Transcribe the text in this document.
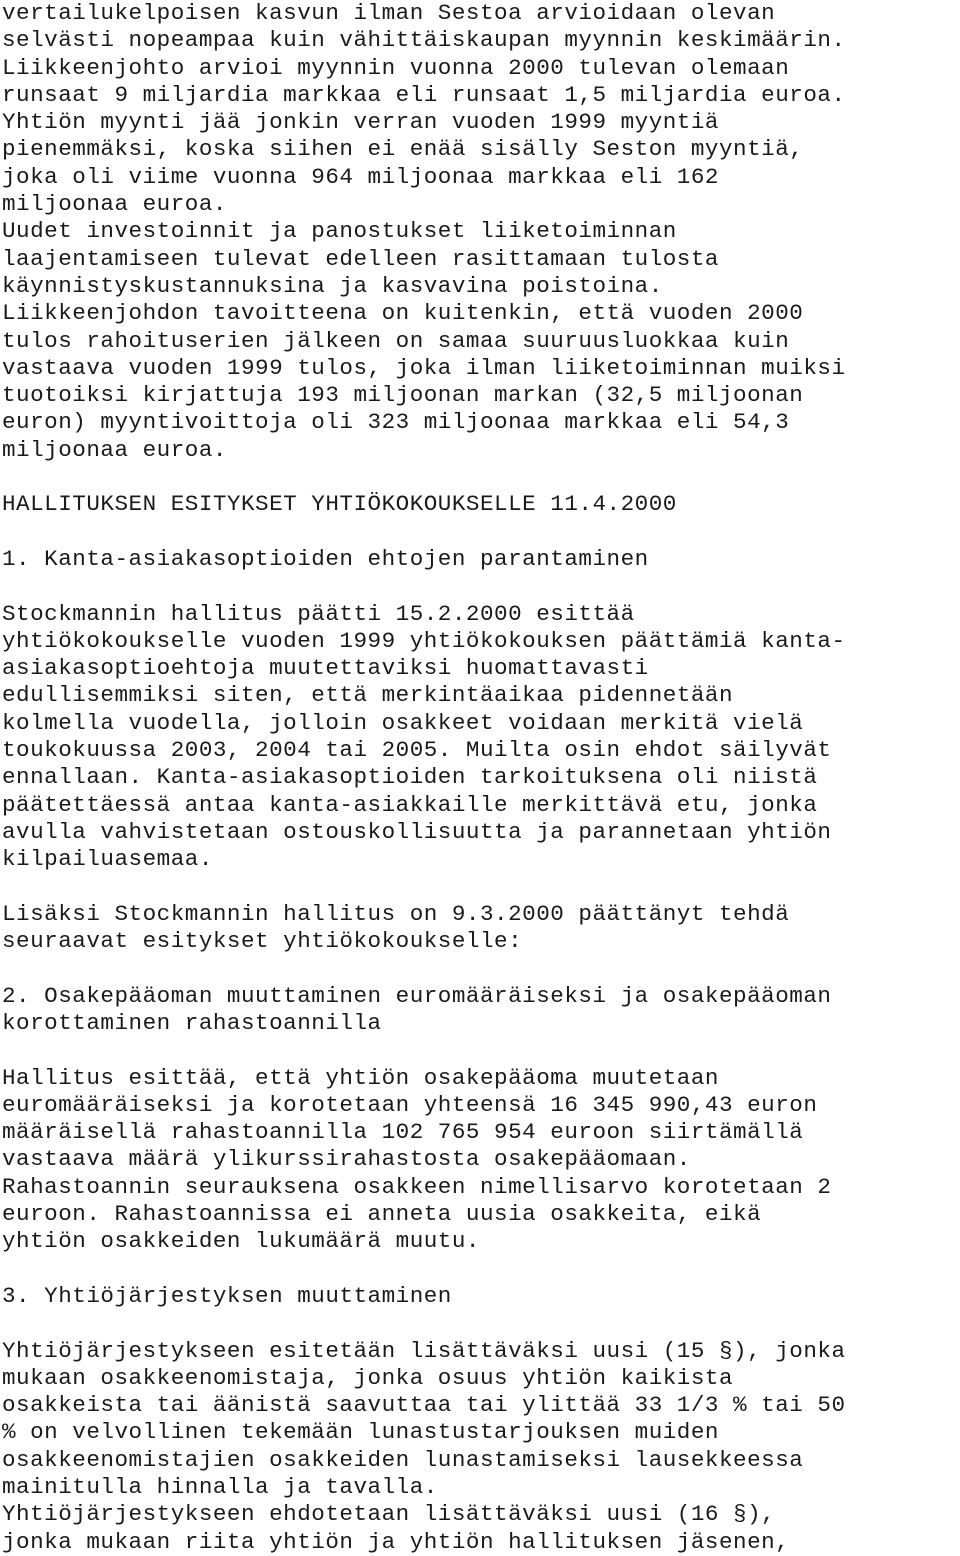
vertailukelpoisen kasvun ilman Sestoa arvioidaan olevan
selvästi nopeampaa kuin vähittäiskaupan myynnin keskimäärin.
Liikkeenjohto arvioi myynnin vuonna 2000 tulevan olemaan
runsaat 9 miljardia markkaa eli runsaat 1,5 miljardia euroa.
Yhtiön myynti jää jonkin verran vuoden 1999 myyntiä
pienemmäksi, koska siihen ei enää sisälly Seston myyntiä,
joka oli viime vuonna 964 miljoonaa markkaa eli 162
miljoonaa euroa.
Uudet investoinnit ja panostukset liiketoiminnan
laajentamiseen tulevat edelleen rasittamaan tulosta
käynnistyskustannuksina ja kasvavina poistoina.
Liikkeenjohdon tavoitteena on kuitenkin, että vuoden 2000
tulos rahoituserien jälkeen on samaa suuruusluokkaa kuin
vastaava vuoden 1999 tulos, joka ilman liiketoiminnan muiksi
tuotoiksi kirjattuja 193 miljoonan markan (32,5 miljoonan
euron) myyntivoittoja oli 323 miljoonaa markkaa eli 54,3
miljoonaa euroa.
HALLITUKSEN ESITYKSET YHTIÖKOKOUKSELLE 11.4.2000
1. Kanta-asiakasoptioiden ehtojen parantaminen
Stockmannin hallitus päätti 15.2.2000 esittää
yhtiökokoukselle vuoden 1999 yhtiökokouksen päättämiä kanta-
asiakasoptioehtoja muutettaviksi huomattavasti
edullisemmiksi siten, että merkintäaikaa pidennetään
kolmella vuodella, jolloin osakkeet voidaan merkitä vielä
toukokuussa 2003, 2004 tai 2005. Muilta osin ehdot säilyvät
ennallaan. Kanta-asiakasoptioiden tarkoituksena oli niistä
päätettäessä antaa kanta-asiakkaille merkittävä etu, jonka
avulla vahvistetaan ostouskollisuutta ja parannetaan yhtiön
kilpailuasemaa.
Lisäksi Stockmannin hallitus on 9.3.2000 päättänyt tehdä
seuraavat esitykset yhtiökokoukselle:
2. Osakepääoman muuttaminen euromääräiseksi ja osakepääoman
korottaminen rahastoannilla
Hallitus esittää, että yhtiön osakepääoma muutetaan
euromääräiseksi ja korotetaan yhteensä 16 345 990,43 euron
määräisellä rahastoannilla 102 765 954 euroon siirtämällä
vastaava määrä ylikurssirahastosta osakepääomaan.
Rahastoannin seurauksena osakkeen nimellisarvo korotetaan 2
euroon. Rahastoannissa ei anneta uusia osakkeita, eikä
yhtiön osakkeiden lukumäärä muutu.
3. Yhtiöjärjestyksen muuttaminen
Yhtiöjärjestykseen esitetään lisättäväksi uusi (15 §), jonka
mukaan osakkeenomistaja, jonka osuus yhtiön kaikista
osakkeista tai äänistä saavuttaa tai ylittää 33 1/3 % tai 50
% on velvollinen tekemään lunastustarjouksen muiden
osakkeenomistajien osakkeiden lunastamiseksi lausekkeessa
mainitulla hinnalla ja tavalla.
Yhtiöjärjestykseen ehdotetaan lisättäväksi uusi (16 §),
jonka mukaan riita yhtiön ja yhtiön hallituksen jäsenen,
